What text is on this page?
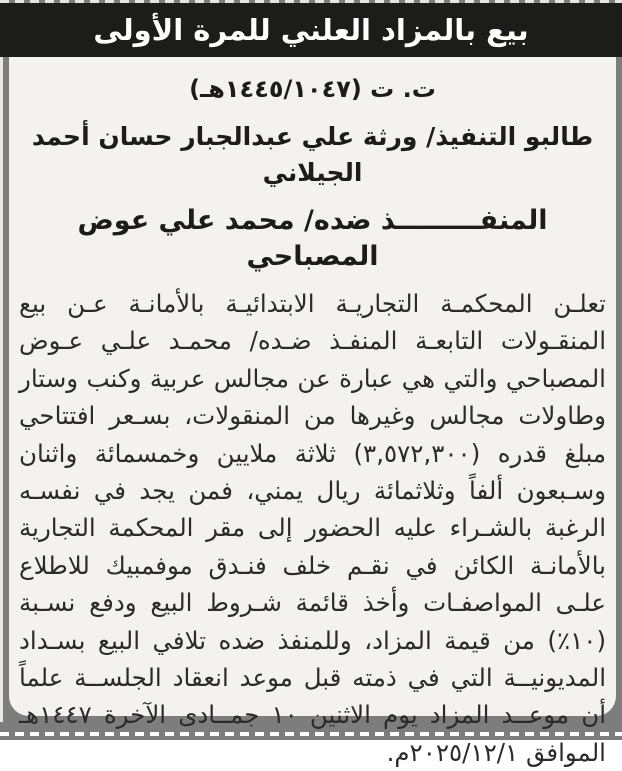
بيع بالمزاد العلني للمرة الأولى
ت. ت (١٤٤٥/١٠٤٧هـ)
طالبو التنفيذ/ ورثة علي عبدالجبار حسان أحمد الجيلاني
المنفـــــــــذ ضده/ محمد علي عوض المصباحي
تعلـن المحكمـة التجاريـة الابتدائيـة بالأمانـة عـن بيع
المنقـولات التابعـة المنفـذ ضـده/ محمـد علـي عـوض
المصباحي والتي هي عبارة عن مجالس عربية وكنب وستار
وطاولات مجالس وغيرها من المنقولات، بسـعر افتتاحي
مبلغ قدره (٣,٥٧٢,٣٠٠) ثلاثة ملايين وخمسمائة واثنان
وسـبعون ألفاً وثلاثمائة ريال يمني، فمن يجد في نفسـه
الرغبة بالشـراء عليه الحضور إلى مقر المحكمة التجارية
بالأمانـة الكائن في نقـم خلف فنـدق موفمبيك للاطلاع
علـى المواصفـات وأخذ قائمة شـروط البيع ودفع نسـبة
(١٠٪) من قيمة المزاد، وللمنفذ ضده تلافي البيع بسـداد
المديونيــة التي في ذمته قبل موعد انعقاد الجلســة علماً
أن موعــد المزاد يوم الاثنين ١٠ جمــادى الآخرة ١٤٤٧هـ
الموافق ٢٠٢٥/١٢/١م.
